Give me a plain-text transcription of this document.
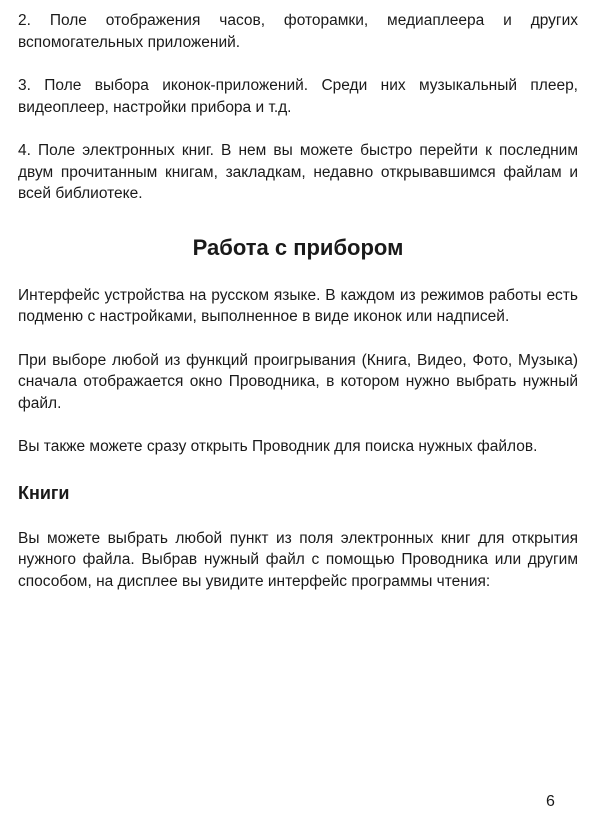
2. Поле отображения часов, фоторамки, медиаплеера и других вспомогательных приложений.

3. Поле выбора иконок-приложений. Среди них музыкальный плеер, видеоплеер, настройки прибора и т.д.

4. Поле электронных книг. В нем вы можете быстро перейти к последним двум прочитанным книгам, закладкам, недавно открывавшимся файлам и всей библиотеке.

Работа с прибором

Интерфейс устройства на русском языке. В каждом из режимов работы есть подменю с настройками, выполненное в виде иконок или надписей.

При выборе любой из функций проигрывания (Книга, Видео, Фото, Музыка) сначала отображается окно Проводника, в котором нужно выбрать нужный файл.

Вы также можете сразу открыть Проводник для поиска нужных файлов.

Книги

Вы можете выбрать любой пункт из поля электронных книг для открытия нужного файла. Выбрав нужный файл с помощью Проводника или другим способом, на дисплее вы увидите интерфейс программы чтения:

6
